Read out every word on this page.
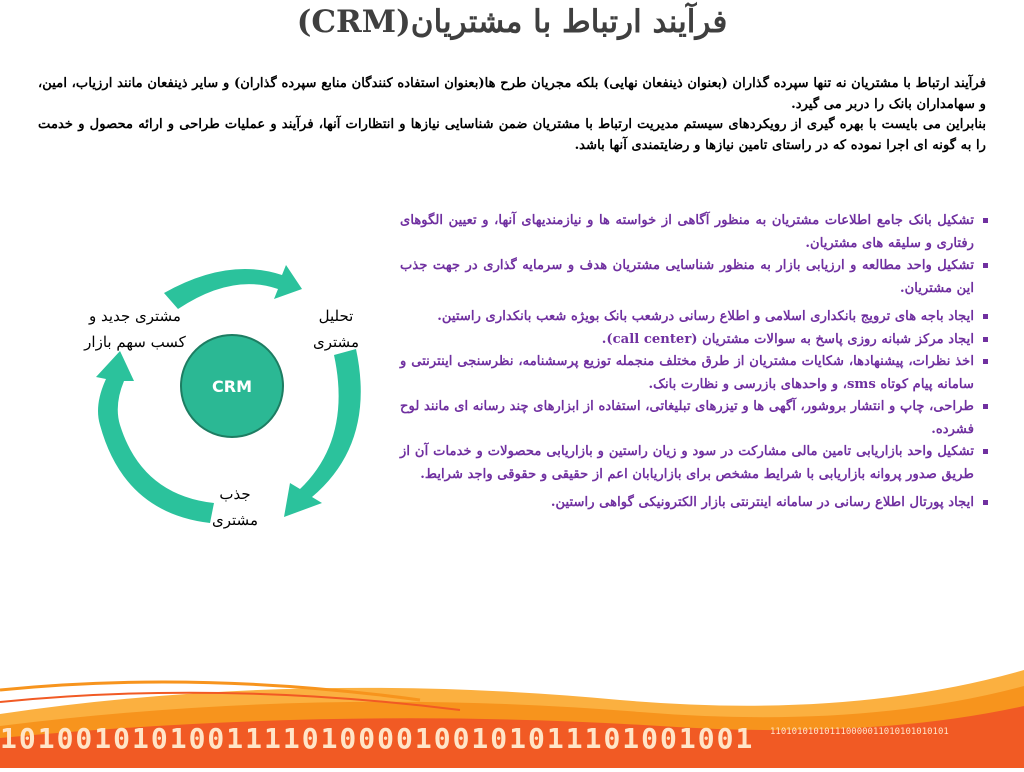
فرآیند ارتباط با مشتریان(CRM)

فرآیند ارتباط با مشتریان نه تنها سپرده گذاران (بعنوان ذینفعان نهایی) بلکه مجریان طرح ها(بعنوان استفاده کنندگان منابع سپرده گذاران) و سایر ذینفعان مانند ارزیاب، امین، و سهامداران بانک را دربر می گیرد.

بنابراین می بایست با بهره گیری از رویکردهای سیستم مدیریت ارتباط با مشتریان ضمن شناسایی نیازها و انتظارات آنها، فرآیند و عملیات طراحی و ارائه محصول و خدمت را به گونه ای اجرا نموده که در راستای تامین نیازها و رضایتمندی آنها باشد.

تشکیل بانک جامع اطلاعات مشتریان به منظور آگاهی از خواسته ها و نیازمندیهای آنها، و تعیین الگوهای رفتاری و سلیقه های مشتریان.
تشکیل واحد مطالعه و ارزیابی بازار به منظور شناسایی مشتریان هدف و سرمایه گذاری در جهت جذب این مشتریان.
ایجاد باجه های ترویج بانکداری اسلامی و اطلاع رسانی درشعب بانک بویژه شعب بانکداری راستین.
ایجاد مرکز شبانه روزی پاسخ به سوالات مشتریان (call center).
اخذ نظرات، پیشنهادها، شکایات مشتریان از طرق مختلف منجمله توزیع پرسشنامه، نظرسنجی اینترنتی و سامانه پیام کوتاه sms، و واحدهای بازرسی و نظارت بانک.
طراحی، چاپ و انتشار بروشور، آگهی ها و تیزرهای تبلیغاتی، استفاده از ابزارهای چند رسانه ای مانند لوح فشرده.
تشکیل واحد بازاریابی تامین مالی مشارکت در سود و زیان راستین و بازاریابی محصولات و خدمات آن از طریق صدور پروانه بازاریابی با شرایط مشخص برای بازاریابان اعم از حقیقی و حقوقی واجد شرایط.
ایجاد پورتال اطلاع رسانی در سامانه اینترنتی بازار الکترونیکی گواهی راستین.
CRM
تحلیل
مشتری
جذب
مشتری
مشتری جدید و
کسب سهم بازار
1010010101001111010000100101011101001001	110101010101110000011010101010101
